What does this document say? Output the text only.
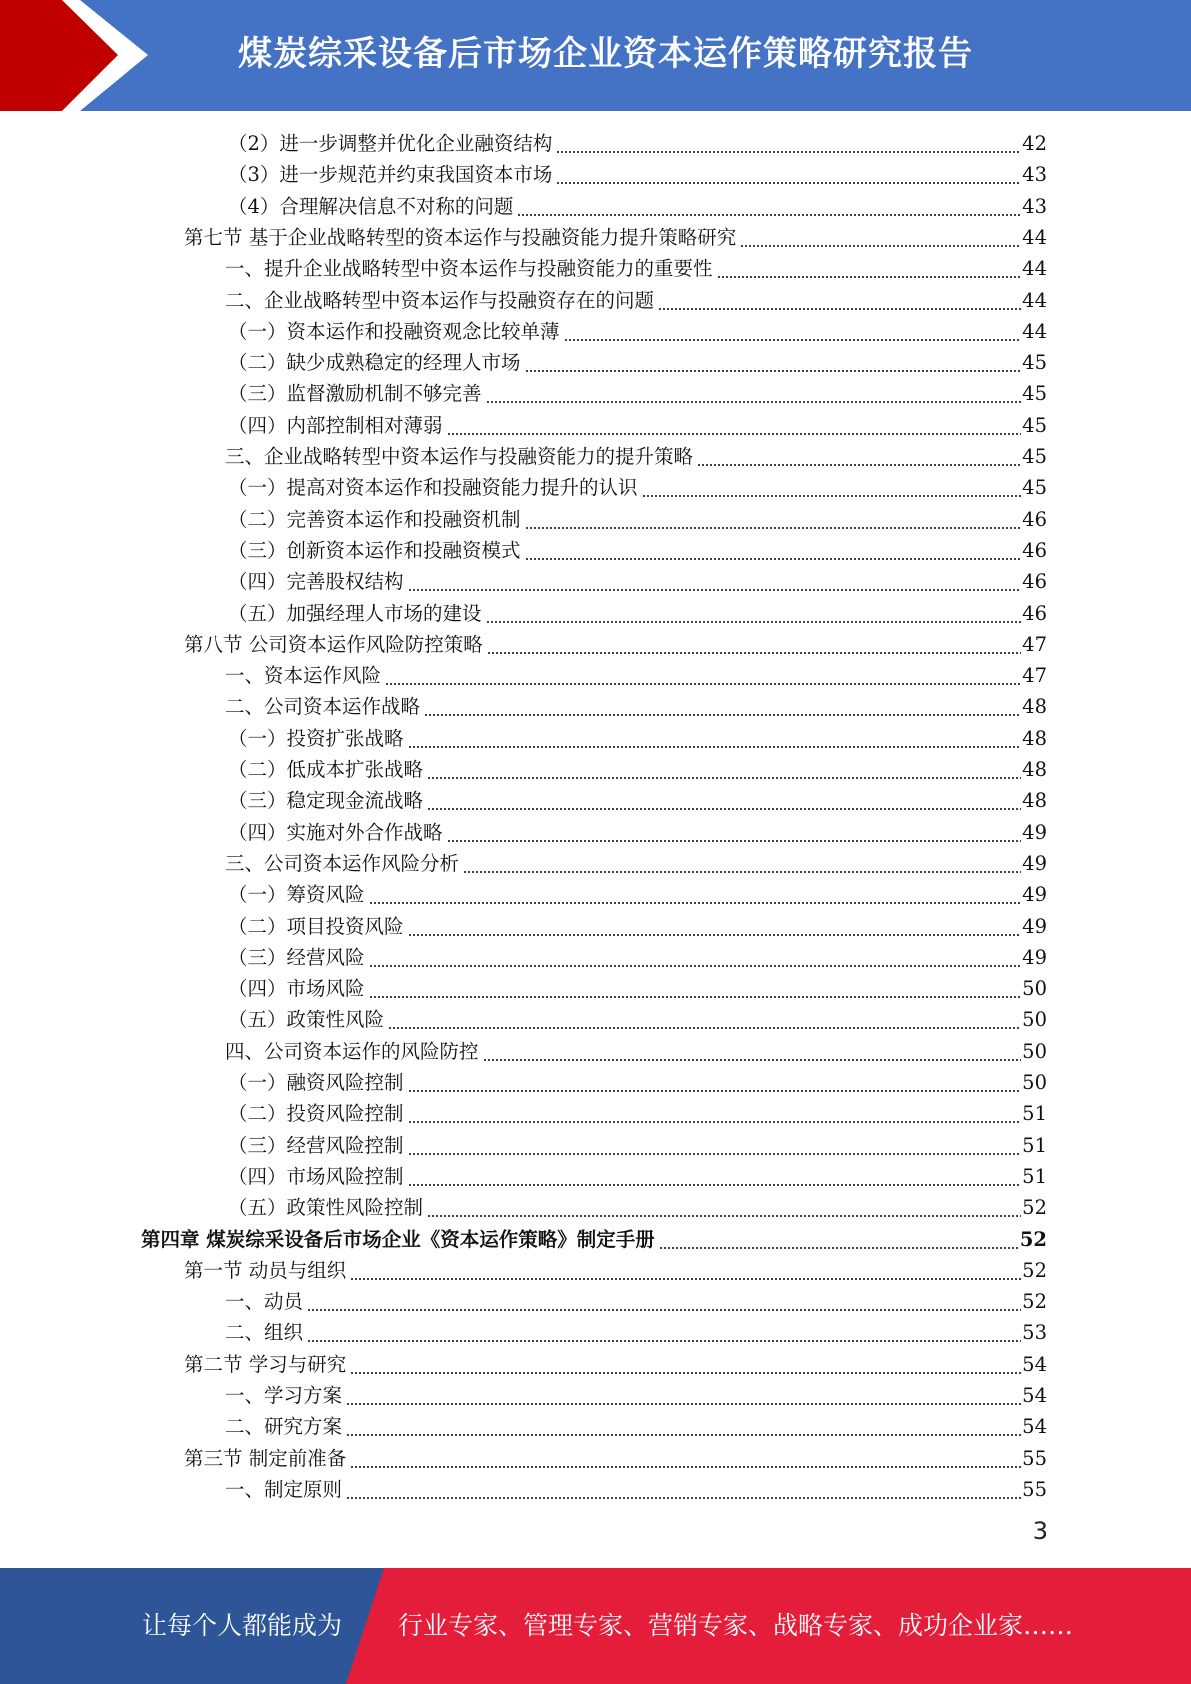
煤炭综采设备后市场企业资本运作策略研究报告
（2）进一步调整并优化企业融资结构	42
（3）进一步规范并约束我国资本市场	43
（4）合理解决信息不对称的问题	43
第七节 基于企业战略转型的资本运作与投融资能力提升策略研究	44
一、提升企业战略转型中资本运作与投融资能力的重要性	44
二、企业战略转型中资本运作与投融资存在的问题	44
（一）资本运作和投融资观念比较单薄	44
（二）缺少成熟稳定的经理人市场	45
（三）监督激励机制不够完善	45
（四）内部控制相对薄弱	45
三、企业战略转型中资本运作与投融资能力的提升策略	45
（一）提高对资本运作和投融资能力提升的认识	45
（二）完善资本运作和投融资机制	46
（三）创新资本运作和投融资模式	46
（四）完善股权结构	46
（五）加强经理人市场的建设	46
第八节 公司资本运作风险防控策略	47
一、资本运作风险	47
二、公司资本运作战略	48
（一）投资扩张战略	48
（二）低成本扩张战略	48
（三）稳定现金流战略	48
（四）实施对外合作战略	49
三、公司资本运作风险分析	49
（一）筹资风险	49
（二）项目投资风险	49
（三）经营风险	49
（四）市场风险	50
（五）政策性风险	50
四、公司资本运作的风险防控	50
（一）融资风险控制	50
（二）投资风险控制	51
（三）经营风险控制	51
（四）市场风险控制	51
（五）政策性风险控制	52
第四章 煤炭综采设备后市场企业《资本运作策略》制定手册	52
第一节 动员与组织	52
一、动员	52
二、组织	53
第二节 学习与研究	54
一、学习方案	54
二、研究方案	54
第三节 制定前准备	55
一、制定原则	55
3
让每个人都能成为 行业专家、管理专家、营销专家、战略专家、成功企业家……
